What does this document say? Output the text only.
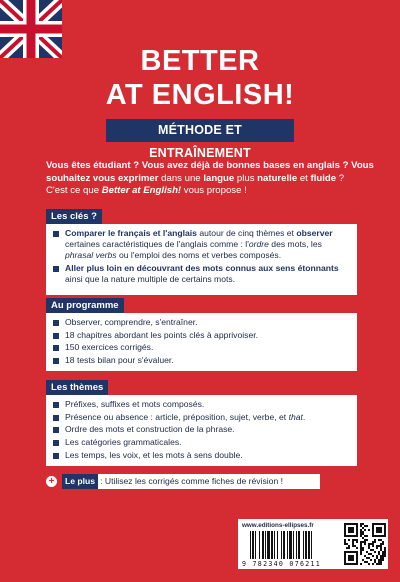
BETTER
AT ENGLISH!
MÉTHODE ET ENTRAÎNEMENT
Vous êtes étudiant ? Vous avez déjà de bonnes bases en anglais ? Vous
souhaitez vous exprimer dans une langue plus naturelle et fluide ?
C'est ce que Better at English! vous propose !
Les clés ?
Comparer le français et l'anglais autour de cinq thèmes et observer certaines caractéristiques de l'anglais comme : l'ordre des mots, les phrasal verbs ou l'emploi des noms et verbes composés.
Aller plus loin en découvrant des mots connus aux sens étonnants ainsi que la nature multiple de certains mots.
Au programme
Observer, comprendre, s'entraîner.
18 chapitres abordant les points clés à apprivoiser.
150 exercices corrigés.
18 tests bilan pour s'évaluer.
Les thèmes
Préfixes, suffixes et mots composés.
Présence ou absence : article, préposition, sujet, verbe, et that.
Ordre des mots et construction de la phrase.
Les catégories grammaticales.
Les temps, les voix, et les mots à sens double.
+	Le plus : Utilisez les corrigés comme fiches de révision !
www.editions-ellipses.fr
9 782340 076211
